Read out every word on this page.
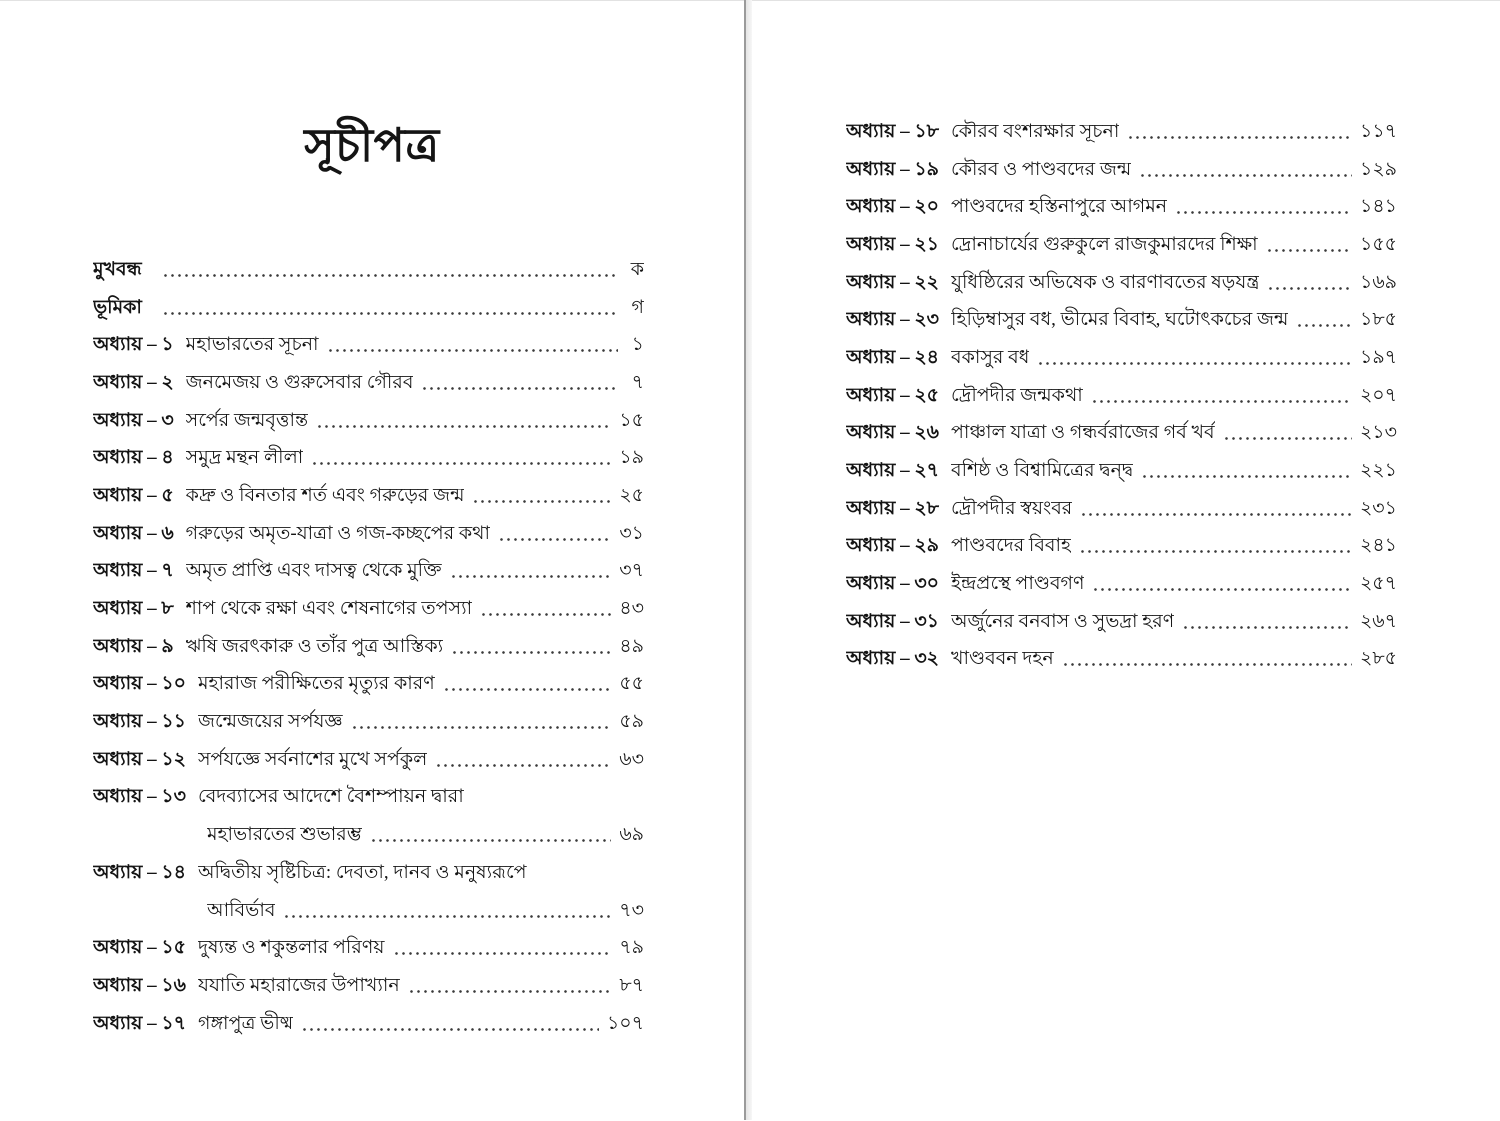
সূচীপত্র
মুখবন্ধ	ক
ভূমিকা	গ
অধ্যায় – ১ মহাভারতের সূচনা	১
অধ্যায় – ২ জনমেজয় ও গুরুসেবার গৌরব	৭
অধ্যায় – ৩ সর্পের জন্মবৃত্তান্ত	১৫
অধ্যায় – ৪ সমুদ্র মন্থন লীলা	১৯
অধ্যায় – ৫ কদ্রু ও বিনতার শর্ত এবং গরুড়ের জন্ম	২৫
অধ্যায় – ৬ গরুড়ের অমৃত-যাত্রা ও গজ-কচ্ছপের কথা	৩১
অধ্যায় – ৭ অমৃত প্রাপ্তি এবং দাসত্ব থেকে মুক্তি	৩৭
অধ্যায় – ৮ শাপ থেকে রক্ষা এবং শেষনাগের তপস্যা	৪৩
অধ্যায় – ৯ ঋষি জরৎকারু ও তাঁর পুত্র আস্তিক্য	৪৯
অধ্যায় – ১০ মহারাজ পরীক্ষিতের মৃত্যুর কারণ	৫৫
অধ্যায় – ১১ জন্মেজয়ের সর্পযজ্ঞ	৫৯
অধ্যায় – ১২ সর্পযজ্ঞে সর্বনাশের মুখে সর্পকুল	৬৩
অধ্যায় – ১৩ বেদব্যাসের আদেশে বৈশম্পায়ন দ্বারা
মহাভারতের শুভারম্ভ	৬৯
অধ্যায় – ১৪ অদ্বিতীয় সৃষ্টিচিত্র: দেবতা, দানব ও মনুষ্যরূপে
আবির্ভাব	৭৩
অধ্যায় – ১৫ দুষ্যন্ত ও শকুন্তলার পরিণয়	৭৯
অধ্যায় – ১৬ যযাতি মহারাজের উপাখ্যান	৮৭
অধ্যায় – ১৭ গঙ্গাপুত্র ভীষ্ম	১০৭
অধ্যায় – ১৮ কৌরব বংশরক্ষার সূচনা	১১৭
অধ্যায় – ১৯ কৌরব ও পাণ্ডবদের জন্ম	১২৯
অধ্যায় – ২০ পাণ্ডবদের হস্তিনাপুরে আগমন	১৪১
অধ্যায় – ২১ দ্রোনাচার্যের গুরুকুলে রাজকুমারদের শিক্ষা	১৫৫
অধ্যায় – ২২ যুধিষ্ঠিরের অভিষেক ও বারণাবতের ষড়যন্ত্র	১৬৯
অধ্যায় – ২৩ হিড়িম্বাসুর বধ, ভীমের বিবাহ, ঘটোৎকচের জন্ম	১৮৫
অধ্যায় – ২৪ বকাসুর বধ	১৯৭
অধ্যায় – ২৫ দ্রৌপদীর জন্মকথা	২০৭
অধ্যায় – ২৬ পাঞ্চাল যাত্রা ও গন্ধর্বরাজের গর্ব খর্ব	২১৩
অধ্যায় – ২৭ বশিষ্ঠ ও বিশ্বামিত্রের দ্বন্দ্ব	২২১
অধ্যায় – ২৮ দ্রৌপদীর স্বয়ংবর	২৩১
অধ্যায় – ২৯ পাণ্ডবদের বিবাহ	২৪১
অধ্যায় – ৩০ ইন্দ্রপ্রস্থে পাণ্ডবগণ	২৫৭
অধ্যায় – ৩১ অর্জুনের বনবাস ও সুভদ্রা হরণ	২৬৭
অধ্যায় – ৩২ খাণ্ডববন দহন	২৮৫
